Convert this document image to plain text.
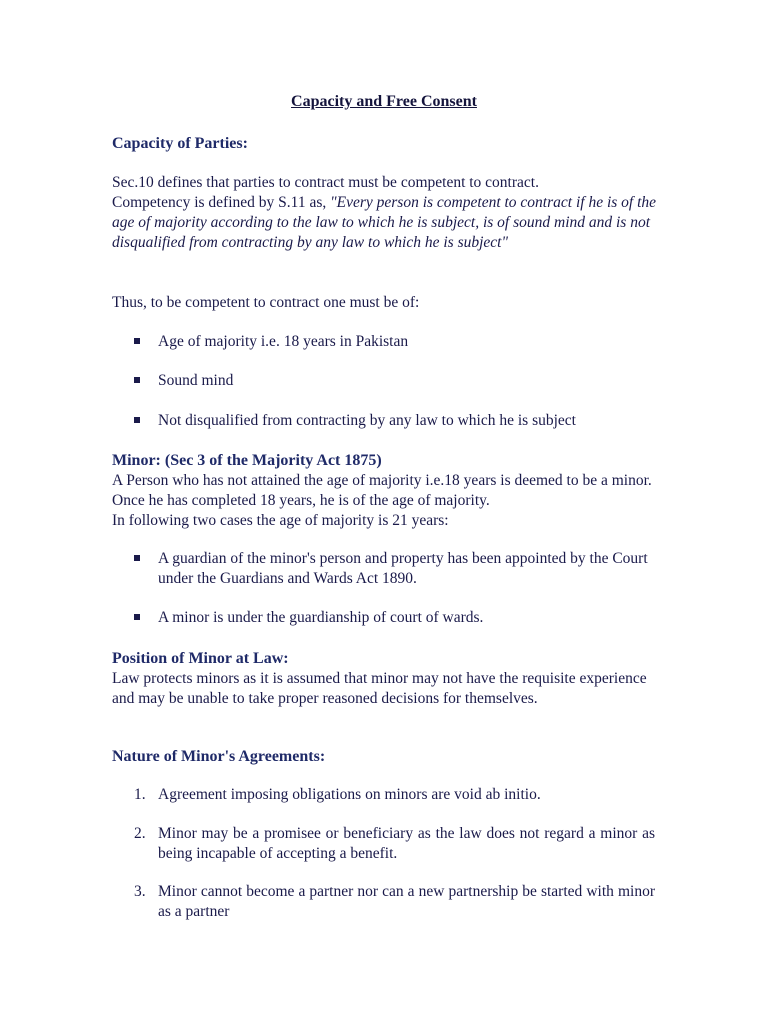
Capacity and Free Consent
Capacity of Parties:
Sec.10 defines that parties to contract must be competent to contract.
Competency is defined by S.11 as, "Every person is competent to contract if he is of the age of majority according to the law to which he is subject, is of sound mind and is not disqualified from contracting by any law to which he is subject"
Thus, to be competent to contract one must be of:
Age of majority i.e. 18 years in Pakistan
Sound mind
Not disqualified from contracting by any law to which he is subject
Minor: (Sec 3 of the Majority Act 1875)
A Person who has not attained the age of majority i.e.18 years is deemed to be a minor. Once he has completed 18 years, he is of the age of majority.
In following two cases the age of majority is 21 years:
A guardian of the minor's person and property has been appointed by the Court under the Guardians and Wards Act 1890.
A minor is under the guardianship of court of wards.
Position of Minor at Law:
Law protects minors as it is assumed that minor may not have the requisite experience and may be unable to take proper reasoned decisions for themselves.
Nature of Minor's Agreements:
1. Agreement imposing obligations on minors are void ab initio.
2. Minor may be a promisee or beneficiary as the law does not regard a minor as being incapable of accepting a benefit.
3. Minor cannot become a partner nor can a new partnership be started with minor as a partner
